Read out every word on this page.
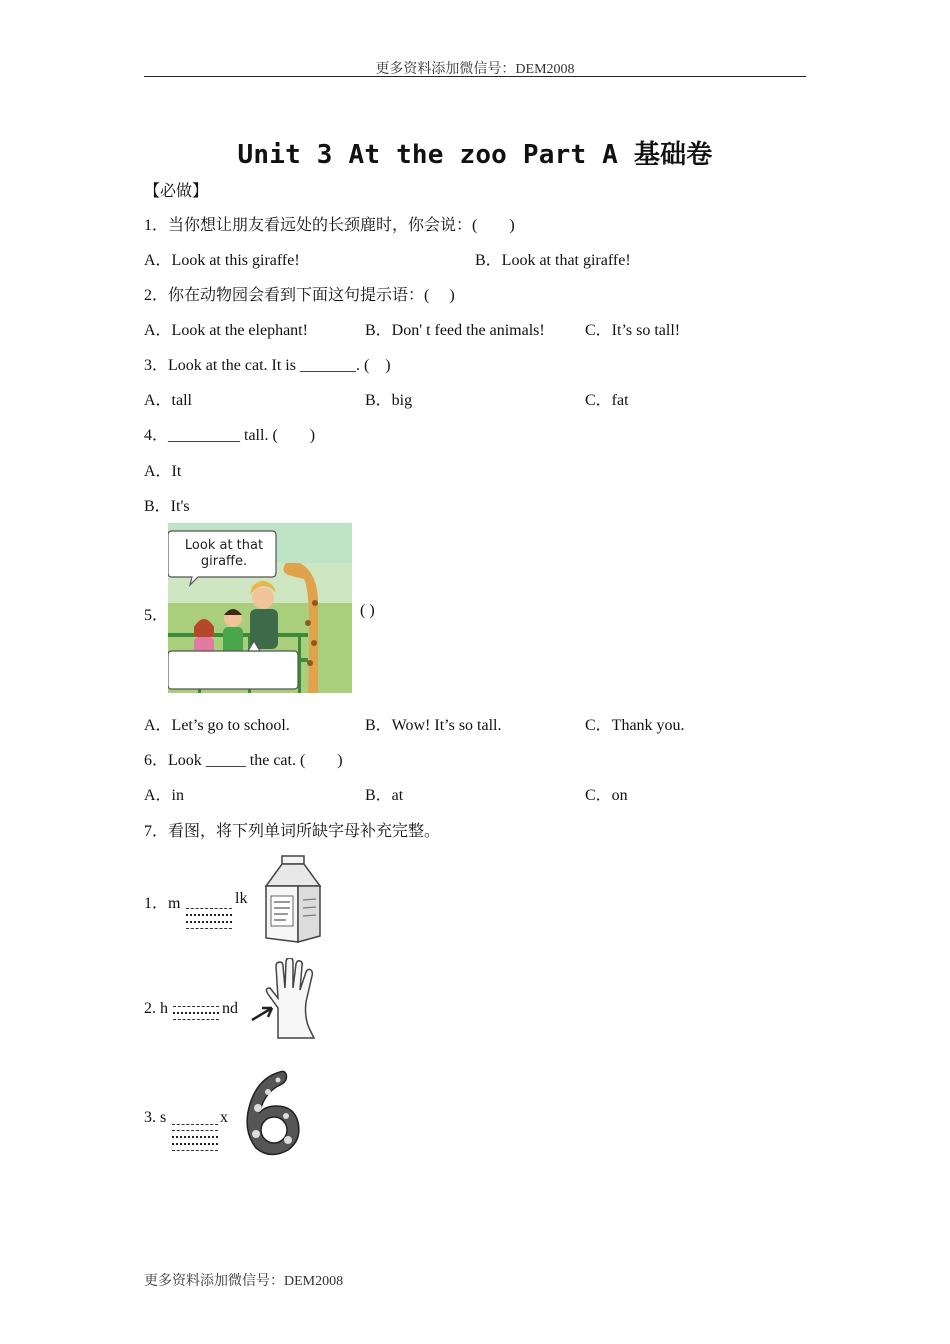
更多资料添加微信号：DEM2008
Unit 3 At the zoo Part A 基础卷
【必做】
1．当你想让朋友看远处的长颈鹿时，你会说：(　　)
A．Look at this giraffe!	B．Look at that giraffe!
2．你在动物园会看到下面这句提示语：(　 )
A．Look at the elephant!	B．Don' t feed the animals!	C．It’s so tall!
3．Look at the cat. It is _______. (　)
A．tall	B．big	C．fat
4．_________ tall. (　　)
A．It
B．It's
5．
Look at that giraffe.
( )
A．Let’s go to school.	B．Wow! It’s so tall.	C．Thank you.
6．Look _____ the cat. (　　)
A．in	B．at	C．on
7．看图，将下列单词所缺字母补充完整。
1．m	lk
2. h	nd
3. s	x
更多资料添加微信号：DEM2008
